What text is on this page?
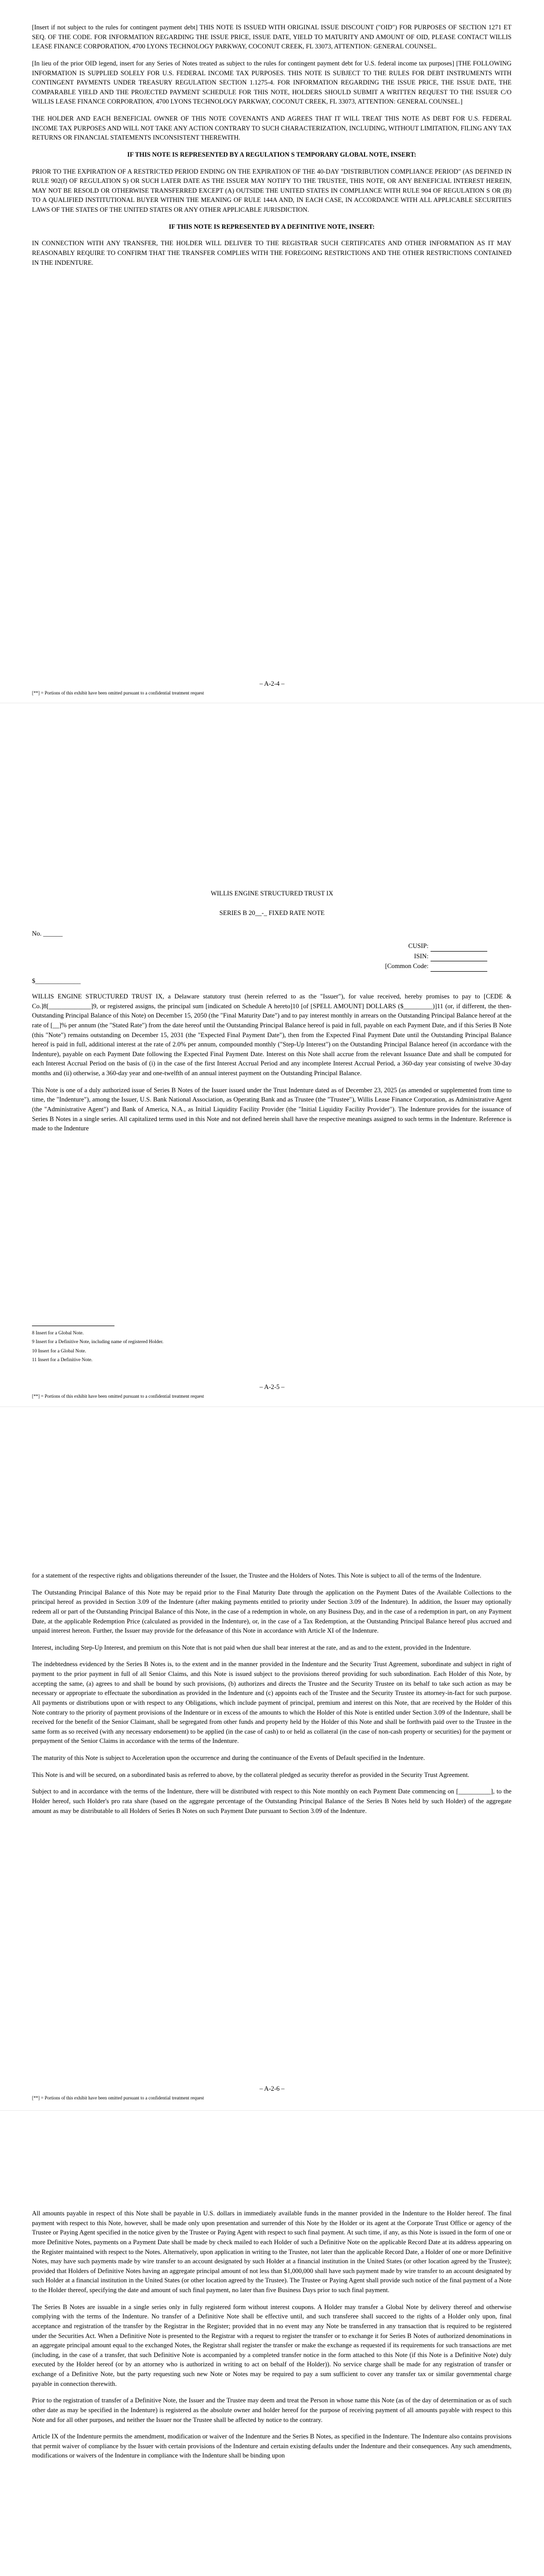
[Insert if not subject to the rules for contingent payment debt] THIS NOTE IS ISSUED WITH ORIGINAL ISSUE DISCOUNT ("OID") FOR PURPOSES OF SECTION 1271 ET SEQ. OF THE CODE. FOR INFORMATION REGARDING THE ISSUE PRICE, ISSUE DATE, YIELD TO MATURITY AND AMOUNT OF OID, PLEASE CONTACT WILLIS LEASE FINANCE CORPORATION, 4700 LYONS TECHNOLOGY PARKWAY, COCONUT CREEK, FL 33073, ATTENTION: GENERAL COUNSEL.

[In lieu of the prior OID legend, insert for any Series of Notes treated as subject to the rules for contingent payment debt for U.S. federal income tax purposes] [THE FOLLOWING INFORMATION IS SUPPLIED SOLELY FOR U.S. FEDERAL INCOME TAX PURPOSES. THIS NOTE IS SUBJECT TO THE RULES FOR DEBT INSTRUMENTS WITH CONTINGENT PAYMENTS UNDER TREASURY REGULATION SECTION 1.1275-4. FOR INFORMATION REGARDING THE ISSUE PRICE, THE ISSUE DATE, THE COMPARABLE YIELD AND THE PROJECTED PAYMENT SCHEDULE FOR THIS NOTE, HOLDERS SHOULD SUBMIT A WRITTEN REQUEST TO THE ISSUER C/O WILLIS LEASE FINANCE CORPORATION, 4700 LYONS TECHNOLOGY PARKWAY, COCONUT CREEK, FL 33073, ATTENTION: GENERAL COUNSEL.]

THE HOLDER AND EACH BENEFICIAL OWNER OF THIS NOTE COVENANTS AND AGREES THAT IT WILL TREAT THIS NOTE AS DEBT FOR U.S. FEDERAL INCOME TAX PURPOSES AND WILL NOT TAKE ANY ACTION CONTRARY TO SUCH CHARACTERIZATION, INCLUDING, WITHOUT LIMITATION, FILING ANY TAX RETURNS OR FINANCIAL STATEMENTS INCONSISTENT THEREWITH.

IF THIS NOTE IS REPRESENTED BY A REGULATION S TEMPORARY GLOBAL NOTE, INSERT:

PRIOR TO THE EXPIRATION OF A RESTRICTED PERIOD ENDING ON THE EXPIRATION OF THE 40-DAY "DISTRIBUTION COMPLIANCE PERIOD" (AS DEFINED IN RULE 902(f) OF REGULATION S) OR SUCH LATER DATE AS THE ISSUER MAY NOTIFY TO THE TRUSTEE, THIS NOTE, OR ANY BENEFICIAL INTEREST HEREIN, MAY NOT BE RESOLD OR OTHERWISE TRANSFERRED EXCEPT (A) OUTSIDE THE UNITED STATES IN COMPLIANCE WITH RULE 904 OF REGULATION S OR (B) TO A QUALIFIED INSTITUTIONAL BUYER WITHIN THE MEANING OF RULE 144A AND, IN EACH CASE, IN ACCORDANCE WITH ALL APPLICABLE SECURITIES LAWS OF THE STATES OF THE UNITED STATES OR ANY OTHER APPLICABLE JURISDICTION.

IF THIS NOTE IS REPRESENTED BY A DEFINITIVE NOTE, INSERT:

IN CONNECTION WITH ANY TRANSFER, THE HOLDER WILL DELIVER TO THE REGISTRAR SUCH CERTIFICATES AND OTHER INFORMATION AS IT MAY REASONABLY REQUIRE TO CONFIRM THAT THE TRANSFER COMPLIES WITH THE FOREGOING RESTRICTIONS AND THE OTHER RESTRICTIONS CONTAINED IN THE INDENTURE.

– A-2-4 –
[**] = Portions of this exhibit have been omitted pursuant to a confidential treatment request
WILLIS ENGINE STRUCTURED TRUST IX
SERIES B 20__-_ FIXED RATE NOTE
No. ______
CUSIP:
ISIN:
[Common Code:
$______________

WILLIS ENGINE STRUCTURED TRUST IX, a Delaware statutory trust (herein referred to as the "Issuer"), for value received, hereby promises to pay to [CEDE & Co.]8[_____________]9, or registered assigns, the principal sum [indicated on Schedule A hereto]10 [of [SPELL AMOUNT] DOLLARS ($_________)]11 (or, if different, the then-Outstanding Principal Balance of this Note) on December 15, 2050 (the "Final Maturity Date") and to pay interest monthly in arrears on the Outstanding Principal Balance hereof at the rate of [__]% per annum (the "Stated Rate") from the date hereof until the Outstanding Principal Balance hereof is paid in full, payable on each Payment Date, and if this Series B Note (this "Note") remains outstanding on December 15, 2031 (the "Expected Final Payment Date"), then from the Expected Final Payment Date until the Outstanding Principal Balance hereof is paid in full, additional interest at the rate of 2.0% per annum, compounded monthly ("Step-Up Interest") on the Outstanding Principal Balance hereof (in accordance with the Indenture), payable on each Payment Date following the Expected Final Payment Date. Interest on this Note shall accrue from the relevant Issuance Date and shall be computed for each Interest Accrual Period on the basis of (i) in the case of the first Interest Accrual Period and any incomplete Interest Accrual Period, a 360-day year consisting of twelve 30-day months and (ii) otherwise, a 360-day year and one-twelfth of an annual interest payment on the Outstanding Principal Balance.

This Note is one of a duly authorized issue of Series B Notes of the Issuer issued under the Trust Indenture dated as of December 23, 2025 (as amended or supplemented from time to time, the "Indenture"), among the Issuer, U.S. Bank National Association, as Operating Bank and as Trustee (the "Trustee"), Willis Lease Finance Corporation, as Administrative Agent (the "Administrative Agent") and Bank of America, N.A., as Initial Liquidity Facility Provider (the "Initial Liquidity Facility Provider"). The Indenture provides for the issuance of Series B Notes in a single series. All capitalized terms used in this Note and not defined herein shall have the respective meanings assigned to such terms in the Indenture. Reference is made to the Indenture

8 Insert for a Global Note.

9 Insert for a Definitive Note, including name of registered Holder.

10 Insert for a Global Note.

11 Insert for a Definitive Note.

– A-2-5 –
[**] = Portions of this exhibit have been omitted pursuant to a confidential treatment request

for a statement of the respective rights and obligations thereunder of the Issuer, the Trustee and the Holders of Notes. This Note is subject to all of the terms of the Indenture.

The Outstanding Principal Balance of this Note may be repaid prior to the Final Maturity Date through the application on the Payment Dates of the Available Collections to the principal hereof as provided in Section 3.09 of the Indenture (after making payments entitled to priority under Section 3.09 of the Indenture). In addition, the Issuer may optionally redeem all or part of the Outstanding Principal Balance of this Note, in the case of a redemption in whole, on any Business Day, and in the case of a redemption in part, on any Payment Date, at the applicable Redemption Price (calculated as provided in the Indenture), or, in the case of a Tax Redemption, at the Outstanding Principal Balance hereof plus accrued and unpaid interest hereon. Further, the Issuer may provide for the defeasance of this Note in accordance with Article XI of the Indenture.

Interest, including Step-Up Interest, and premium on this Note that is not paid when due shall bear interest at the rate, and as and to the extent, provided in the Indenture.

The indebtedness evidenced by the Series B Notes is, to the extent and in the manner provided in the Indenture and the Security Trust Agreement, subordinate and subject in right of payment to the prior payment in full of all Senior Claims, and this Note is issued subject to the provisions thereof providing for such subordination. Each Holder of this Note, by accepting the same, (a) agrees to and shall be bound by such provisions, (b) authorizes and directs the Trustee and the Security Trustee on its behalf to take such action as may be necessary or appropriate to effectuate the subordination as provided in the Indenture and (c) appoints each of the Trustee and the Security Trustee its attorney-in-fact for such purpose. All payments or distributions upon or with respect to any Obligations, which include payment of principal, premium and interest on this Note, that are received by the Holder of this Note contrary to the priority of payment provisions of the Indenture or in excess of the amounts to which the Holder of this Note is entitled under Section 3.09 of the Indenture, shall be received for the benefit of the Senior Claimant, shall be segregated from other funds and property held by the Holder of this Note and shall be forthwith paid over to the Trustee in the same form as so received (with any necessary endorsement) to be applied (in the case of cash) to or held as collateral (in the case of non-cash property or securities) for the payment or prepayment of the Senior Claims in accordance with the terms of the Indenture.

The maturity of this Note is subject to Acceleration upon the occurrence and during the continuance of the Events of Default specified in the Indenture.

This Note is and will be secured, on a subordinated basis as referred to above, by the collateral pledged as security therefor as provided in the Security Trust Agreement.

Subject to and in accordance with the terms of the Indenture, there will be distributed with respect to this Note monthly on each Payment Date commencing on [__________], to the Holder hereof, such Holder's pro rata share (based on the aggregate percentage of the Outstanding Principal Balance of the Series B Notes held by such Holder) of the aggregate amount as may be distributable to all Holders of Series B Notes on such Payment Date pursuant to Section 3.09 of the Indenture.

– A-2-6 –
[**] = Portions of this exhibit have been omitted pursuant to a confidential treatment request

All amounts payable in respect of this Note shall be payable in U.S. dollars in immediately available funds in the manner provided in the Indenture to the Holder hereof. The final payment with respect to this Note, however, shall be made only upon presentation and surrender of this Note by the Holder or its agent at the Corporate Trust Office or agency of the Trustee or Paying Agent specified in the notice given by the Trustee or Paying Agent with respect to such final payment. At such time, if any, as this Note is issued in the form of one or more Definitive Notes, payments on a Payment Date shall be made by check mailed to each Holder of such a Definitive Note on the applicable Record Date at its address appearing on the Register maintained with respect to the Notes. Alternatively, upon application in writing to the Trustee, not later than the applicable Record Date, a Holder of one or more Definitive Notes, may have such payments made by wire transfer to an account designated by such Holder at a financial institution in the United States (or other location agreed by the Trustee); provided that Holders of Definitive Notes having an aggregate principal amount of not less than $1,000,000 shall have such payment made by wire transfer to an account designated by such Holder at a financial institution in the United States (or other location agreed by the Trustee). The Trustee or Paying Agent shall provide such notice of the final payment of a Note to the Holder thereof, specifying the date and amount of such final payment, no later than five Business Days prior to such final payment.

The Series B Notes are issuable in a single series only in fully registered form without interest coupons. A Holder may transfer a Global Note by delivery thereof and otherwise complying with the terms of the Indenture. No transfer of a Definitive Note shall be effective until, and such transferee shall succeed to the rights of a Holder only upon, final acceptance and registration of the transfer by the Registrar in the Register; provided that in no event may any Note be transferred in any transaction that is required to be registered under the Securities Act. When a Definitive Note is presented to the Registrar with a request to register the transfer or to exchange it for Series B Notes of authorized denominations in an aggregate principal amount equal to the exchanged Notes, the Registrar shall register the transfer or make the exchange as requested if its requirements for such transactions are met (including, in the case of a transfer, that such Definitive Note is accompanied by a completed transfer notice in the form attached to this Note (if this Note is a Definitive Note) duly executed by the Holder hereof (or by an attorney who is authorized in writing to act on behalf of the Holder)). No service charge shall be made for any registration of transfer or exchange of a Definitive Note, but the party requesting such new Note or Notes may be required to pay a sum sufficient to cover any transfer tax or similar governmental charge payable in connection therewith.

Prior to the registration of transfer of a Definitive Note, the Issuer and the Trustee may deem and treat the Person in whose name this Note (as of the day of determination or as of such other date as may be specified in the Indenture) is registered as the absolute owner and holder hereof for the purpose of receiving payment of all amounts payable with respect to this Note and for all other purposes, and neither the Issuer nor the Trustee shall be affected by notice to the contrary.

Article IX of the Indenture permits the amendment, modification or waiver of the Indenture and the Series B Notes, as specified in the Indenture. The Indenture also contains provisions that permit waiver of compliance by the Issuer with certain provisions of the Indenture and certain existing defaults under the Indenture and their consequences. Any such amendments, modifications or waivers of the Indenture in compliance with the Indenture shall be binding upon
